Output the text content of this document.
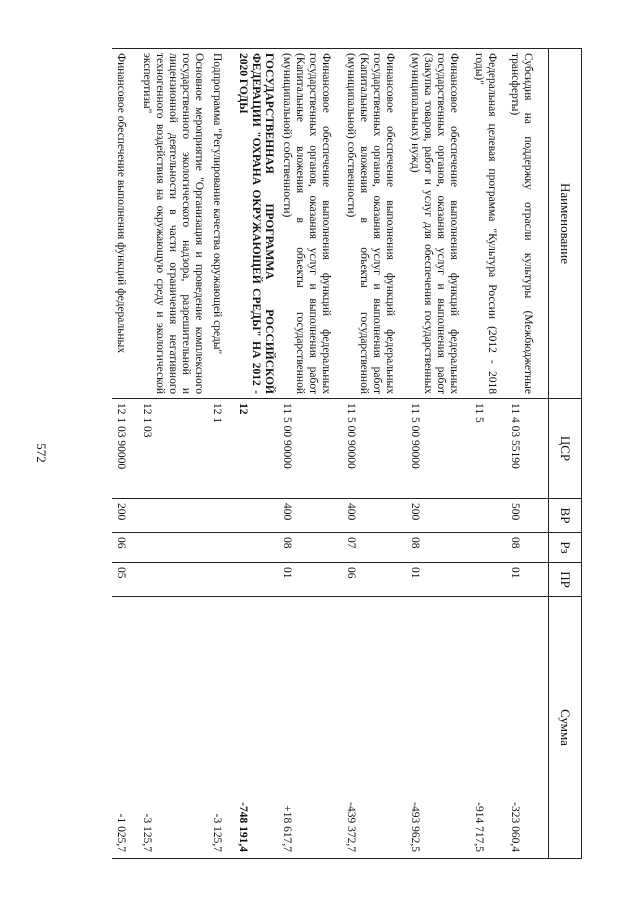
572
Наименование	ЦСР	ВР	Рз	ПР	Сумма
Субсидия на поддержку отрасли культуры (Межбюджетные трансферты)	11 4 03 55190	500	08	01	-323 060,4
Федеральная целевая программа "Культура России (2012 - 2018 годы)"	11 5				-914 717,5
Финансовое обеспечение выполнения функций федеральных государственных органов, оказания услуг и выполнения работ (Закупка товаров, работ и услуг для обеспечения государственных (муниципальных) нужд)	11 5 00 90000	200	08	01	-493 962,5
Финансовое обеспечение выполнения функций федеральных государственных органов, оказания услуг и выполнения работ (Капитальные вложения в объекты государственной (муниципальной) собственности)	11 5 00 90000	400	07	06	-439 372,7
Финансовое обеспечение выполнения функций федеральных государственных органов, оказания услуг и выполнения работ (Капитальные вложения в объекты государственной (муниципальной) собственности)	11 5 00 90000	400	08	01	+18 617,7
ГОСУДАРСТВЕННАЯ ПРОГРАММА РОССИЙСКОЙ ФЕДЕРАЦИИ "ОХРАНА ОКРУЖАЮЩЕЙ СРЕДЫ" НА 2012 - 2020 ГОДЫ	12				-748 191,4
Подпрограмма "Регулирование качества окружающей среды"	12 1				-3 125,7
Основное мероприятие "Организация и проведение комплексного государственного экологического надзора, разрешительной и лицензионной деятельности в части ограничения негативного техногенного воздействия на окружающую среду и экологической экспертизы"	12 1 03				-3 125,7
Финансовое обеспечение выполнения функций федеральных	12 1 03 90000	200	06	05	-1 025,7
